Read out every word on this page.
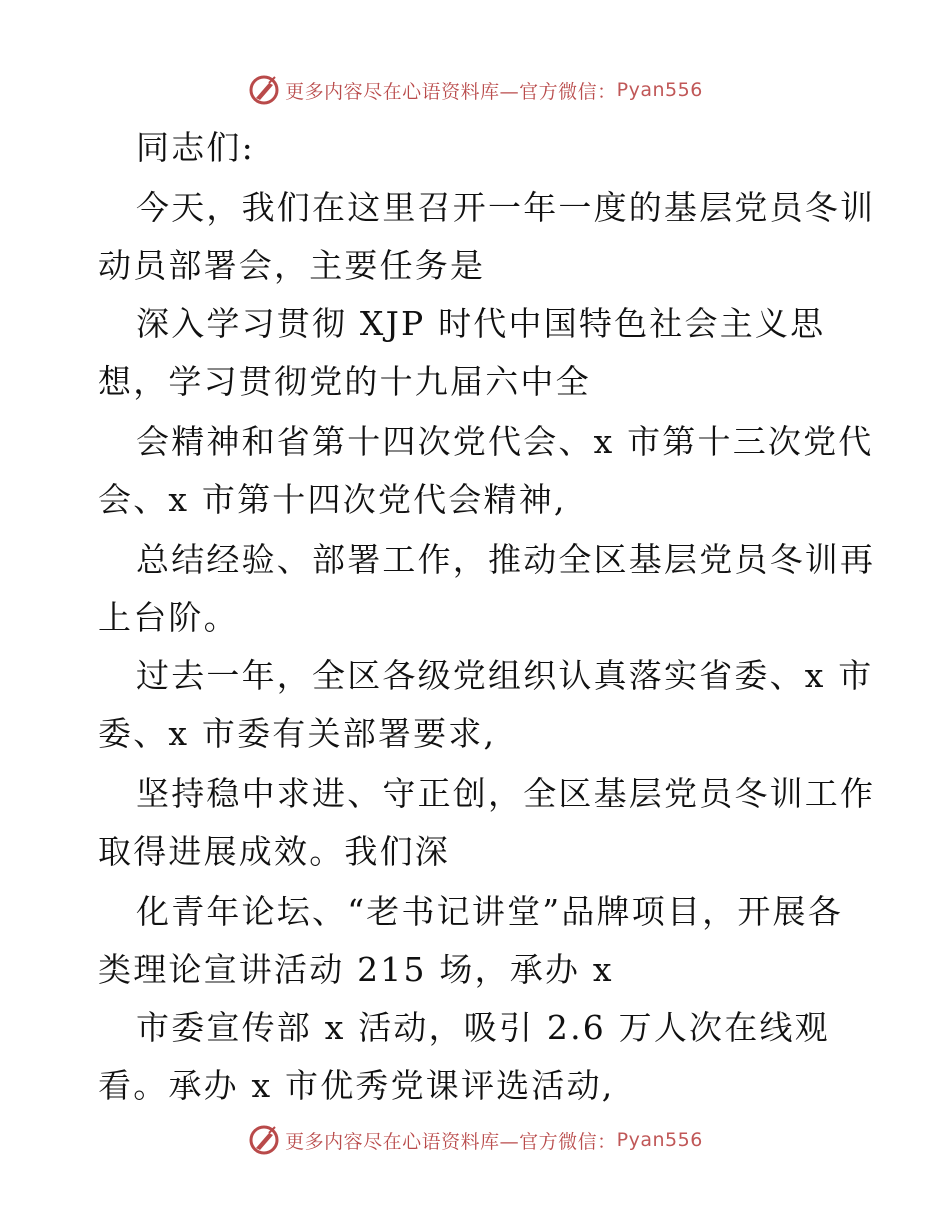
更多内容尽在心语资料库—官方微信： Pyan556
同志们:
今天，我们在这里召开一年一度的基层党员冬训
动员部署会，主要任务是
深入学习贯彻 XJP 时代中国特色社会主义思
想，学习贯彻党的十九届六中全
会精神和省第十四次党代会、x 市第十三次党代
会、x 市第十四次党代会精神,
总结经验、部署工作，推动全区基层党员冬训再
上台阶。
过去一年，全区各级党组织认真落实省委、x 市
委、x 市委有关部署要求,
坚持稳中求进、守正创，全区基层党员冬训工作
取得进展成效。我们深
化青年论坛、“老书记讲堂”品牌项目，开展各
类理论宣讲活动 215 场，承办 x
市委宣传部 x 活动，吸引 2.6 万人次在线观
看。承办 x 市优秀党课评选活动,
更多内容尽在心语资料库—官方微信： Pyan556
